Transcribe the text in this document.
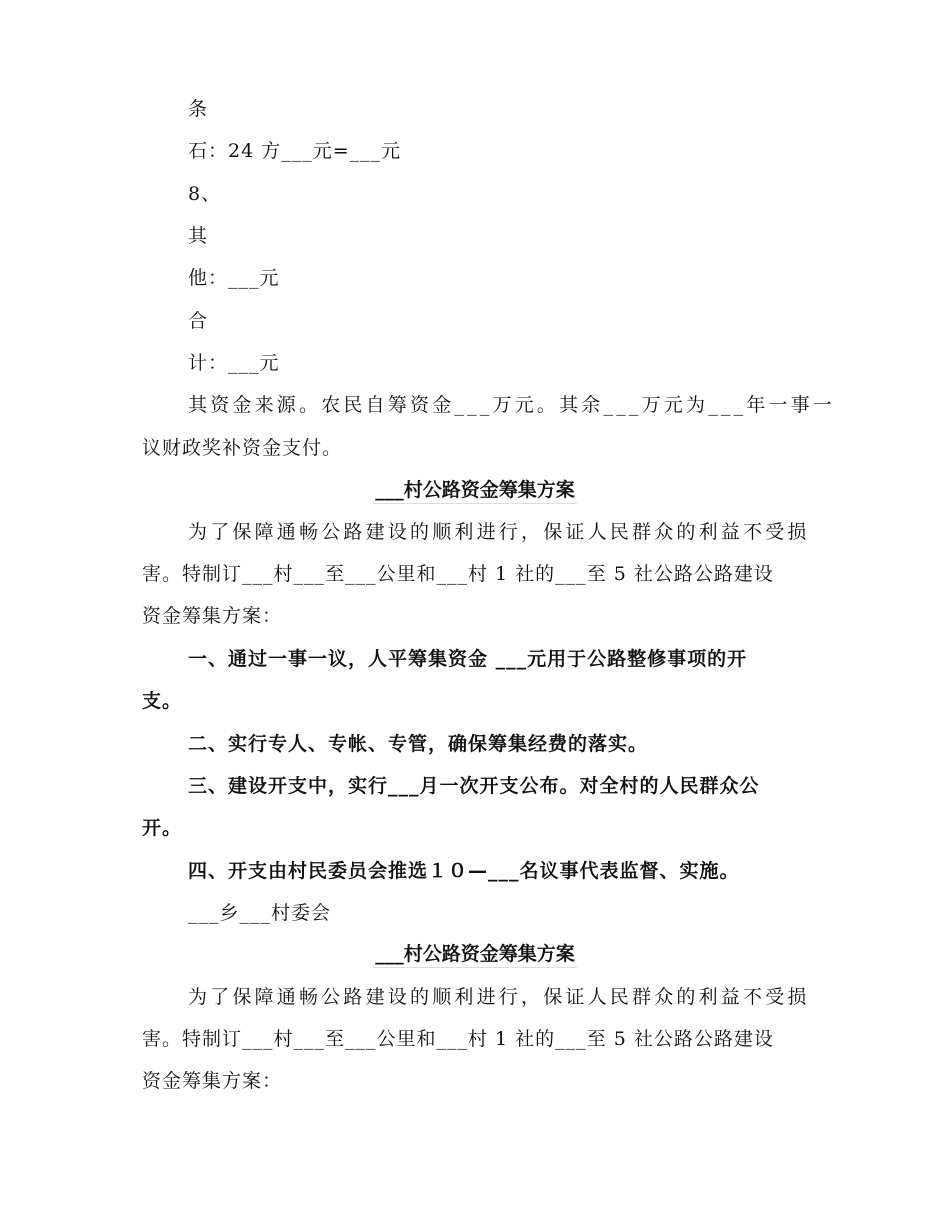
条
石：24 方___元=___元
8、
其
他：___元
合
计：___元
其资金来源。农民自筹资金___万元。其余___万元为___年一事一
议财政奖补资金支付。
___村公路资金筹集方案
为了保障通畅公路建设的顺利进行，保证人民群众的利益不受损
害。特制订___村___至___公里和___村 1 社的___至 5 社公路公路建设
资金筹集方案：
一、通过一事一议，人平筹集资金 ___元用于公路整修事项的开
支。
二、实行专人、专帐、专管，确保筹集经费的落实。
三、建设开支中，实行___月一次开支公布。对全村的人民群众公
开。
四、开支由村民委员会推选１０—___名议事代表监督、实施。
___乡___村委会
___村公路资金筹集方案
为了保障通畅公路建设的顺利进行，保证人民群众的利益不受损
害。特制订___村___至___公里和___村 1 社的___至 5 社公路公路建设
资金筹集方案：
